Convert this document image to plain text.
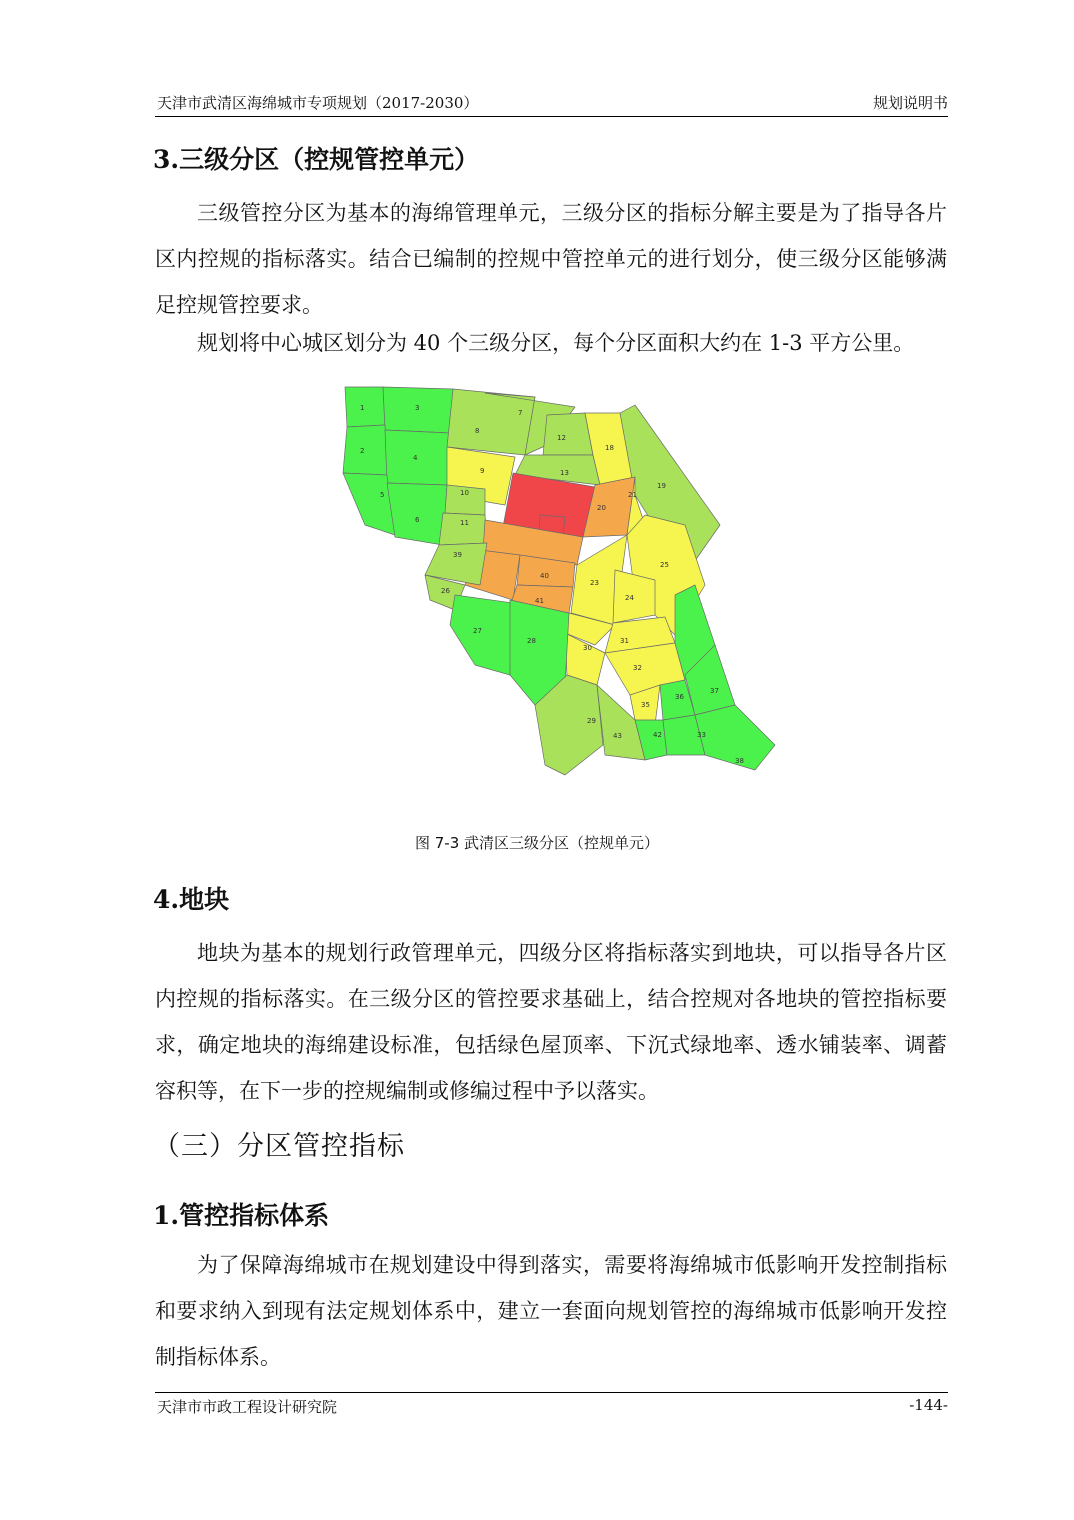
天津市武清区海绵城市专项规划（2017-2030）	规划说明书
3.三级分区（控规管控单元）

三级管控分区为基本的海绵管理单元，三级分区的指标分解主要是为了指导各片区内控规的指标落实。结合已编制的控规中管控单元的进行划分，使三级分区能够满足控规管控要求。

规划将中心城区划分为 40 个三级分区，每个分区面积大约在 1-3 平方公里。

1	3
2
4
5
6
7
8
9
10
11
12
13
18
19
20
21
23
24
25
26
27
28
29
30
31
32
33
35
36
37
38
39
40
41
42
43
图 7-3 武清区三级分区（控规单元）
4.地块

地块为基本的规划行政管理单元，四级分区将指标落实到地块，可以指导各片区内控规的指标落实。在三级分区的管控要求基础上，结合控规对各地块的管控指标要求，确定地块的海绵建设标准，包括绿色屋顶率、下沉式绿地率、透水铺装率、调蓄容积等，在下一步的控规编制或修编过程中予以落实。

（三）分区管控指标
1.管控指标体系

为了保障海绵城市在规划建设中得到落实，需要将海绵城市低影响开发控制指标和要求纳入到现有法定规划体系中，建立一套面向规划管控的海绵城市低影响开发控制指标体系。

天津市市政工程设计研究院	-144-
